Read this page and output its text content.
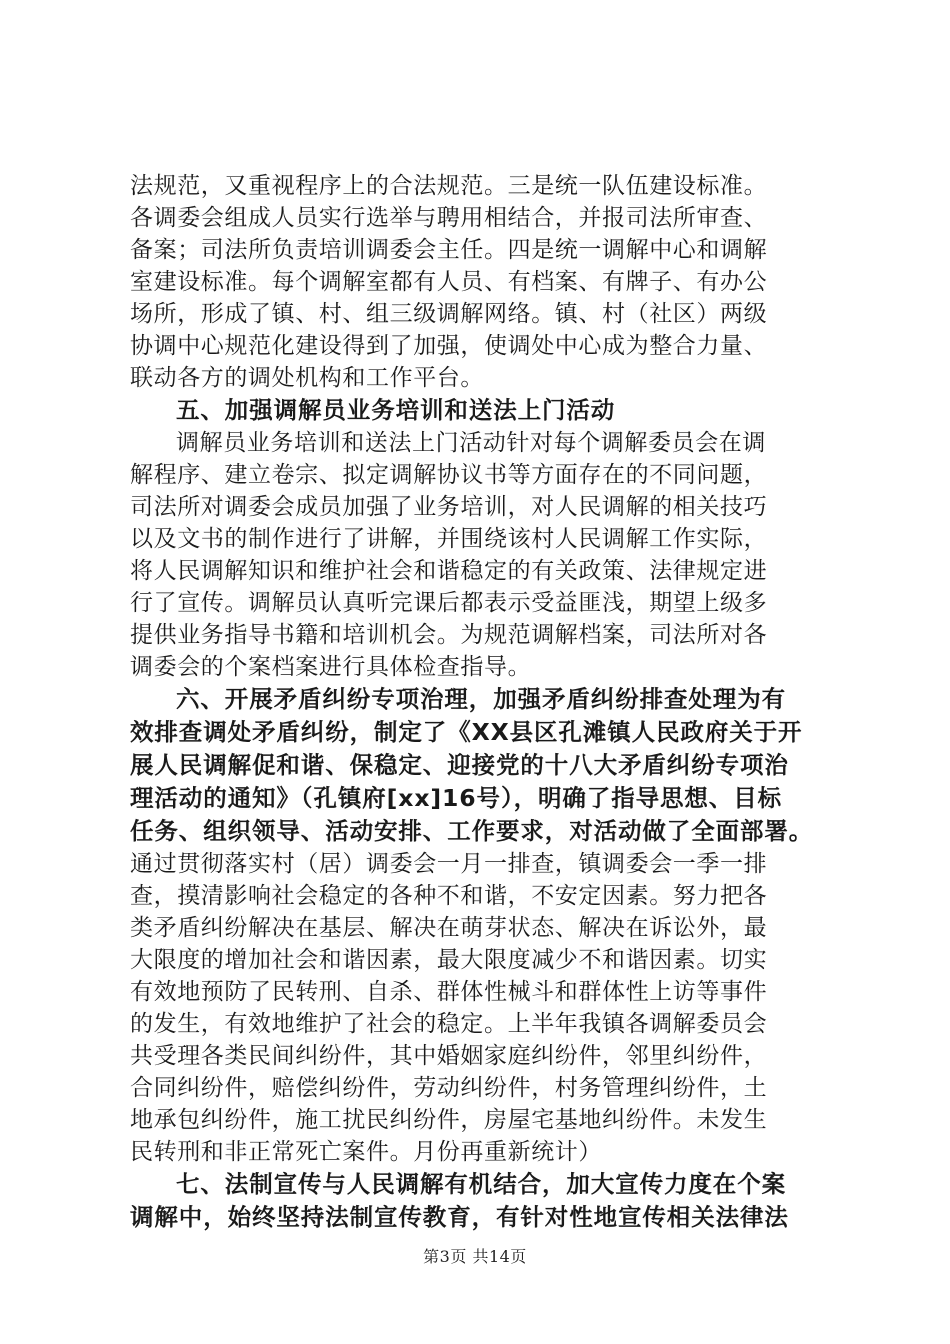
法规范，又重视程序上的合法规范。三是统一队伍建设标准。
各调委会组成人员实行选举与聘用相结合，并报司法所审查、
备案；司法所负责培训调委会主任。四是统一调解中心和调解
室建设标准。每个调解室都有人员、有档案、有牌子、有办公
场所，形成了镇、村、组三级调解网络。镇、村（社区）两级
协调中心规范化建设得到了加强，使调处中心成为整合力量、
联动各方的调处机构和工作平台。
五、加强调解员业务培训和送法上门活动
调解员业务培训和送法上门活动针对每个调解委员会在调
解程序、建立卷宗、拟定调解协议书等方面存在的不同问题，
司法所对调委会成员加强了业务培训，对人民调解的相关技巧
以及文书的制作进行了讲解，并围绕该村人民调解工作实际，
将人民调解知识和维护社会和谐稳定的有关政策、法律规定进
行了宣传。调解员认真听完课后都表示受益匪浅，期望上级多
提供业务指导书籍和培训机会。为规范调解档案，司法所对各
调委会的个案档案进行具体检查指导。
六、开展矛盾纠纷专项治理，加强矛盾纠纷排查处理为有
效排查调处矛盾纠纷，制定了《XX县区孔滩镇人民政府关于开
展人民调解促和谐、保稳定、迎接党的十八大矛盾纠纷专项治
理活动的通知》（孔镇府[xx]16号），明确了指导思想、目标
任务、组织领导、活动安排、工作要求，对活动做了全面部署。
通过贯彻落实村（居）调委会一月一排查，镇调委会一季一排
查，摸清影响社会稳定的各种不和谐，不安定因素。努力把各
类矛盾纠纷解决在基层、解决在萌芽状态、解决在诉讼外，最
大限度的增加社会和谐因素，最大限度减少不和谐因素。切实
有效地预防了民转刑、自杀、群体性械斗和群体性上访等事件
的发生，有效地维护了社会的稳定。上半年我镇各调解委员会
共受理各类民间纠纷件，其中婚姻家庭纠纷件，邻里纠纷件，
合同纠纷件，赔偿纠纷件，劳动纠纷件，村务管理纠纷件，土
地承包纠纷件，施工扰民纠纷件，房屋宅基地纠纷件。未发生
民转刑和非正常死亡案件。月份再重新统计）
七、法制宣传与人民调解有机结合，加大宣传力度在个案
调解中，始终坚持法制宣传教育，有针对性地宣传相关法律法
第3页 共14页
